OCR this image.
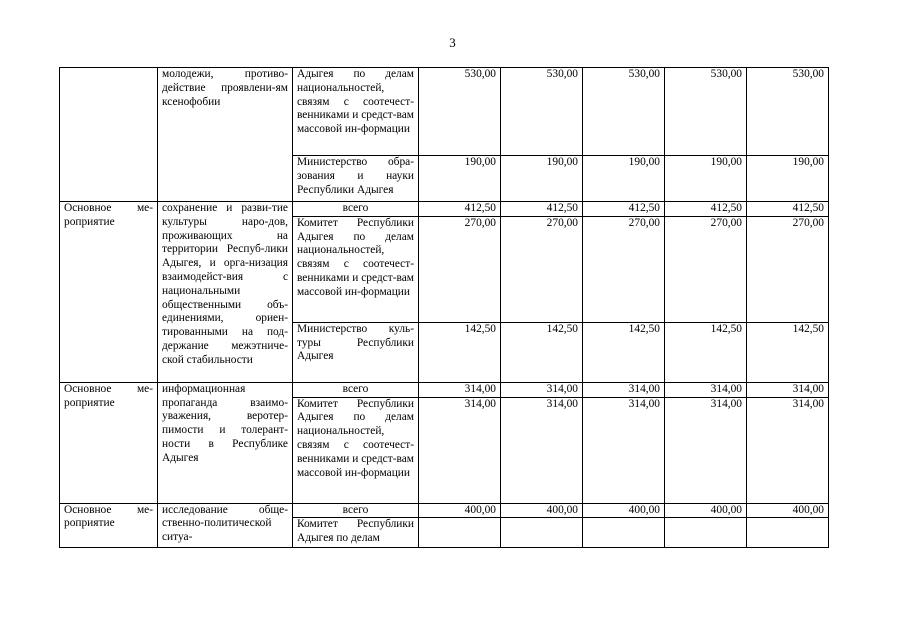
3
	молодежи, противо-действие проявлени-ям ксенофобии	Адыгея по делам национальностей, связям с соотечест-венниками и средст-вам массовой ин-формации	530,00	530,00	530,00	530,00	530,00
		Министерство обра-зования и науки Республики Адыгея	190,00	190,00	190,00	190,00	190,00
Основное ме-роприятие	сохранение и разви-тие культуры наро-дов, проживающих на территории Респуб-лики Адыгея, и орга-низация взаимодейст-вия с национальными общественными объ-единениями, ориен-тированными на под-держание межэтниче-ской стабильности	всего	412,50	412,50	412,50	412,50	412,50
		Комитет Республики Адыгея по делам национальностей, связям с соотечест-венниками и средст-вам массовой ин-формации	270,00	270,00	270,00	270,00	270,00
		Министерство куль-туры Республики Адыгея	142,50	142,50	142,50	142,50	142,50
Основное ме-роприятие	информационная пропаганда взаимо-уважения, веротер-пимости и толерант-ности в Республике Адыгея	всего	314,00	314,00	314,00	314,00	314,00
		Комитет Республики Адыгея по делам национальностей, связям с соотечест-венниками и средст-вам массовой ин-формации	314,00	314,00	314,00	314,00	314,00
Основное ме-роприятие	исследование обще-ственно-политической ситуа-	всего	400,00	400,00	400,00	400,00	400,00
		Комитет Республики Адыгея по делам					
